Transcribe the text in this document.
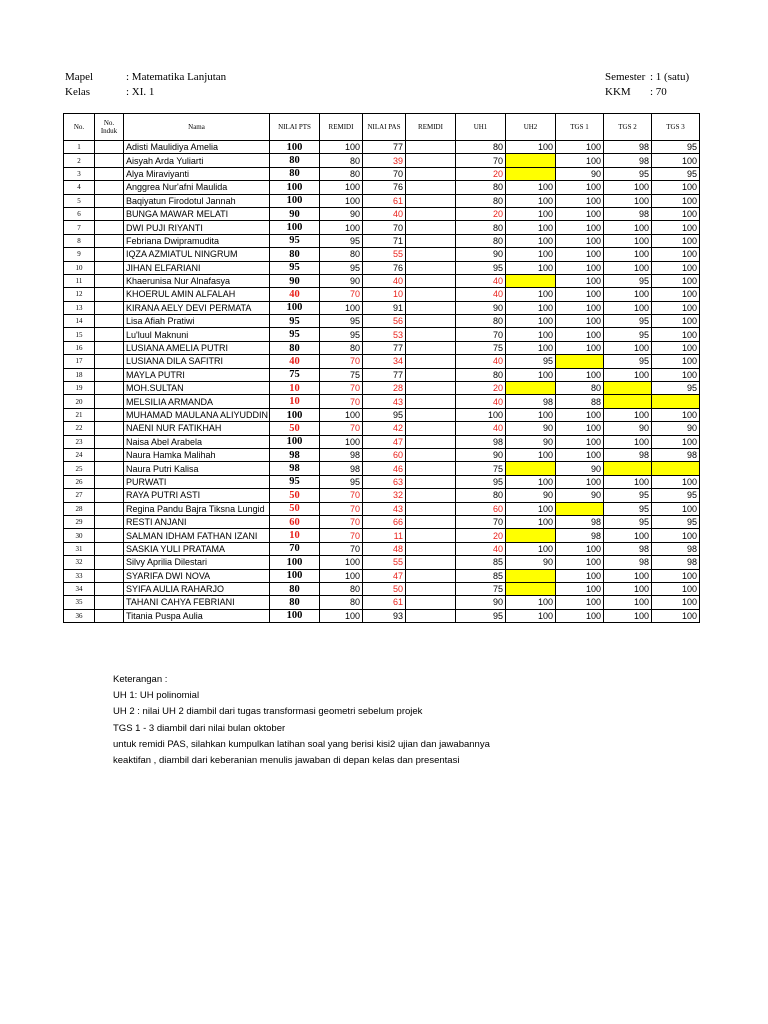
Mapel	: Matematika Lanjutan
Kelas	: XI. 1
Semester : 1 (satu)
KKM : 70
No.	No. Induk	Nama	NILAI PTS	REMIDI	NILAI PAS	REMIDI	UH1	UH2	TGS 1	TGS 2	TGS 3
1		Adisti Maulidiya Amelia	100	100	77		80	100	100	98	95
2		Aisyah Arda Yuliarti	80	80	39		70		100	98	100
3		Alya Miraviyanti	80	80	70		20		90	95	95
4		Anggrea Nur'afni Maulida	100	100	76		80	100	100	100	100
5		Baqiyatun Firodotul Jannah	100	100	61		80	100	100	100	100
6		BUNGA MAWAR MELATI	90	90	40		20	100	100	98	100
7		DWI PUJI RIYANTI	100	100	70		80	100	100	100	100
8		Febriana Dwipramudita	95	95	71		80	100	100	100	100
9		IQZA AZMIATUL NINGRUM	80	80	55		90	100	100	100	100
10		JIHAN ELFARIANI	95	95	76		95	100	100	100	100
11		Khaerunisa Nur Alnafasya	90	90	40		40		100	95	100
12		KHOERUL AMIN ALFALAH	40	70	10		40	100	100	100	100
13		KIRANA AELY DEVI PERMATA	100	100	91		90	100	100	100	100
14		Lisa Afiah Pratiwi	95	95	56		80	100	100	95	100
15		Lu'luul Maknuni	95	95	53		70	100	100	95	100
16		LUSIANA AMELIA PUTRI	80	80	77		75	100	100	100	100
17		LUSIANA DILA SAFITRI	40	70	34		40	95		95	100
18		MAYLA PUTRI	75	75	77		80	100	100	100	100
19		MOH.SULTAN	10	70	28		20		80		95
20		MELSILIA ARMANDA	10	70	43		40	98	88		
21		MUHAMAD MAULANA ALIYUDDIN	100	100	95		100	100	100	100	100
22		NAENI NUR FATIKHAH	50	70	42		40	90	100	90	90
23		Naisa Abel Arabela	100	100	47		98	90	100	100	100
24		Naura Hamka Malihah	98	98	60		90	100	100	98	98
25		Naura Putri Kalisa	98	98	46		75		90		
26		PURWATI	95	95	63		95	100	100	100	100
27		RAYA PUTRI ASTI	50	70	32		80	90	90	95	95
28		Regina Pandu Bajra Tiksna Lungid	50	70	43		60	100		95	100
29		RESTI ANJANI	60	70	66		70	100	98	95	95
30		SALMAN IDHAM FATHAN IZANI	10	70	11		20		98	100	100
31		SASKIA YULI PRATAMA	70	70	48		40	100	100	98	98
32		Silvy Aprilia Dilestari	100	100	55		85	90	100	98	98
33		SYARIFA DWI NOVA	100	100	47		85		100	100	100
34		SYIFA AULIA RAHARJO	80	80	50		75		100	100	100
35		TAHANI CAHYA FEBRIANI	80	80	61		90	100	100	100	100
36		Titania Puspa Aulia	100	100	93		95	100	100	100	100
Keterangan :
UH 1: UH polinomial
UH 2 : nilai UH 2 diambil dari tugas transformasi geometri sebelum projek
TGS 1 - 3 diambil dari nilai bulan oktober
untuk remidi PAS, silahkan kumpulkan latihan soal yang berisi kisi2 ujian dan jawabannya
keaktifan , diambil dari keberanian menulis jawaban di depan kelas dan presentasi
